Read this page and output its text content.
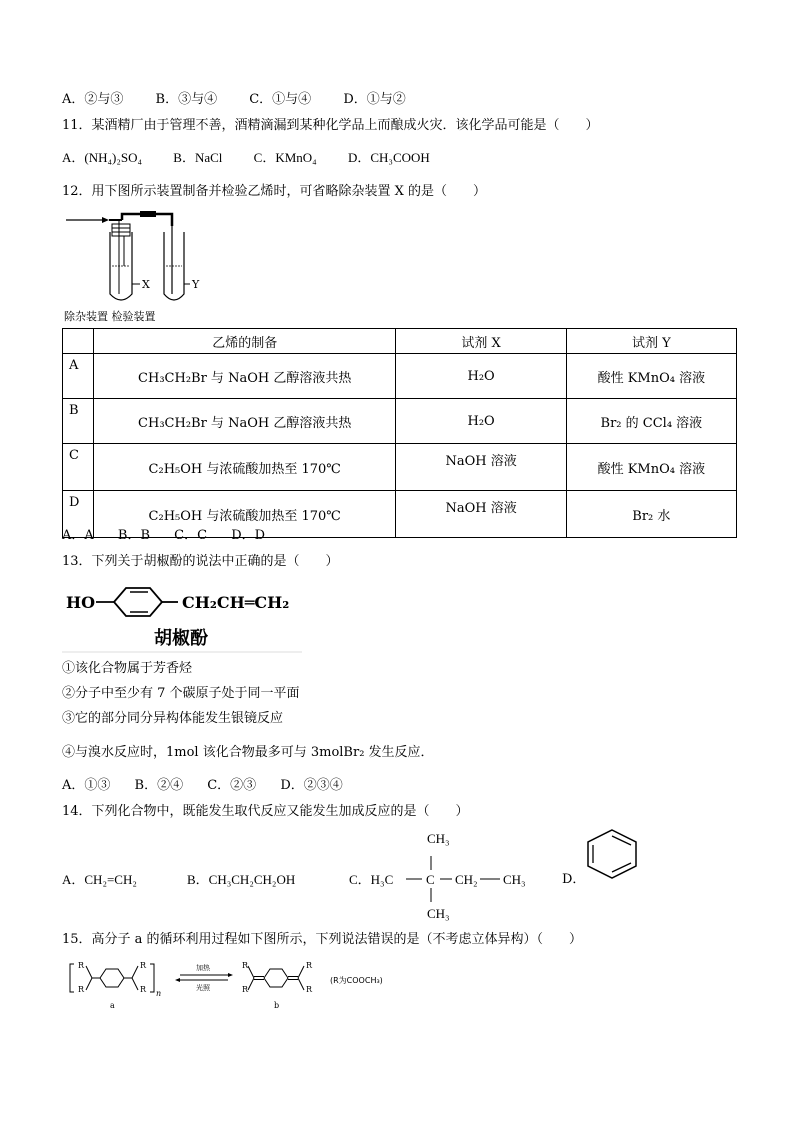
A．②与③ B．③与④ C．①与④ D．①与②
11．某酒精厂由于管理不善，酒精滴漏到某种化学品上而酿成火灾．该化学品可能是（　　）
A．(NH₄)₂SO₄ B．NaCl C．KMnO₄ D．CH₃COOH
12．用下图所示装置制备并检验乙烯时，可省略除杂装置 X 的是（　　）
X	Y
除杂装置 检验装置
	乙烯的制备	试剂 X	试剂 Y
A	CH₃CH₂Br 与 NaOH 乙醇溶液共热	H₂O	酸性 KMnO₄ 溶液
B	CH₃CH₂Br 与 NaOH 乙醇溶液共热	H₂O	Br₂ 的 CCl₄ 溶液
C	C₂H₅OH 与浓硫酸加热至 170℃	NaOH 溶液	酸性 KMnO₄ 溶液
D	C₂H₅OH 与浓硫酸加热至 170℃	NaOH 溶液	Br₂ 水
A．A B．B C．C D．D
13．下列关于胡椒酚的说法中正确的是（　　）
HO	CH₂CH═CH₂
胡椒酚
①该化合物属于芳香烃
②分子中至少有 7 个碳原子处于同一平面
③它的部分同分异构体能发生银镜反应
④与溴水反应时，1mol 该化合物最多可与 3molBr₂ 发生反应．
A．①③ B．②④ C．②③ D．②③④
14．下列化合物中，既能发生取代反应又能发生加成反应的是（　　）
A．CH₂=CH₂	B．CH₃CH₂CH₂OH	C．H₃C
CH₃
C CH₂ CH₃
CH₃
D．
15．高分子 a 的循环利用过程如下图所示，下列说法错误的是（不考虑立体异构）（　　）
R
R
R
R n
a
加热
光照
R
R
R
R
b
(R为COOCH₃)
